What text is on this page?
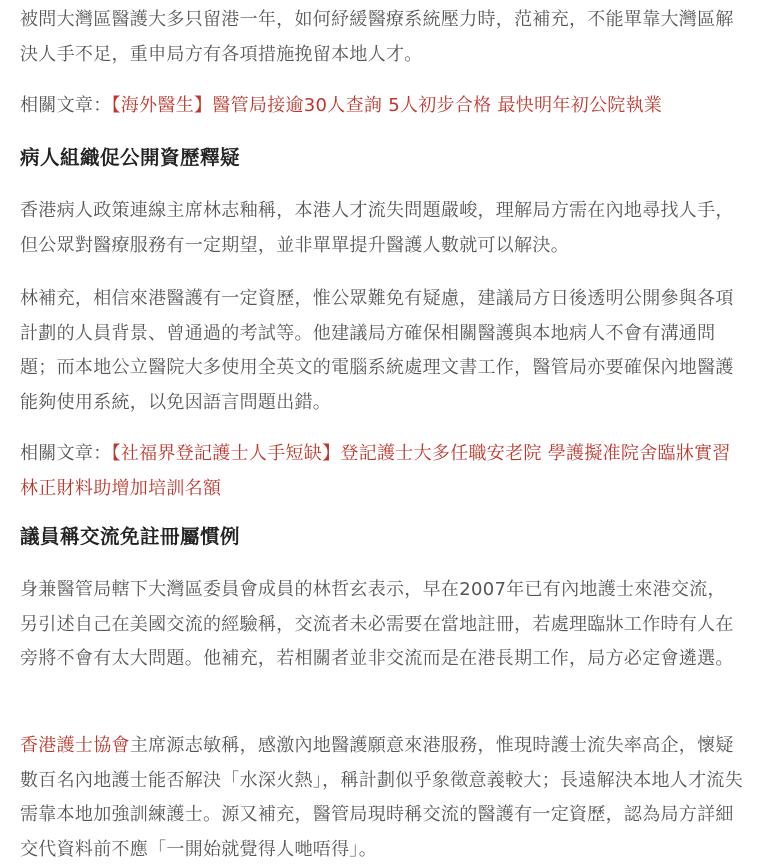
被問大灣區醫護大多只留港一年，如何紓緩醫療系統壓力時，范補充，不能單靠大灣區解決人手不足，重申局方有各項措施挽留本地人才。

相關文章：【海外醫生】醫管局接逾30人查詢 5人初步合格 最快明年初公院執業

病人組織促公開資歷釋疑

香港病人政策連線主席林志釉稱，本港人才流失問題嚴峻，理解局方需在內地尋找人手，但公眾對醫療服務有一定期望，並非單單提升醫護人數就可以解決。

林補充，相信來港醫護有一定資歷，惟公眾難免有疑慮，建議局方日後透明公開參與各項計劃的人員背景、曾通過的考試等。他建議局方確保相關醫護與本地病人不會有溝通問題；而本地公立醫院大多使用全英文的電腦系統處理文書工作，醫管局亦要確保內地醫護能夠使用系統，以免因語言問題出錯。

相關文章：【社福界登記護士人手短缺】登記護士大多任職安老院 學護擬准院舍臨牀實習 林正財料助增加培訓名額

議員稱交流免註冊屬慣例

身兼醫管局轄下大灣區委員會成員的林哲玄表示，早在2007年已有內地護士來港交流，另引述自己在美國交流的經驗稱，交流者未必需要在當地註冊，若處理臨牀工作時有人在旁將不會有太大問題。他補充，若相關者並非交流而是在港長期工作，局方必定會遴選。

香港護士協會主席源志敏稱，感激內地醫護願意來港服務，惟現時護士流失率高企，懷疑數百名內地護士能否解決「水深火熱」，稱計劃似乎象徵意義較大；長遠解決本地人才流失需靠本地加強訓練護士。源又補充，醫管局現時稱交流的醫護有一定資歷，認為局方詳細交代資料前不應「一開始就覺得人哋唔得」。
